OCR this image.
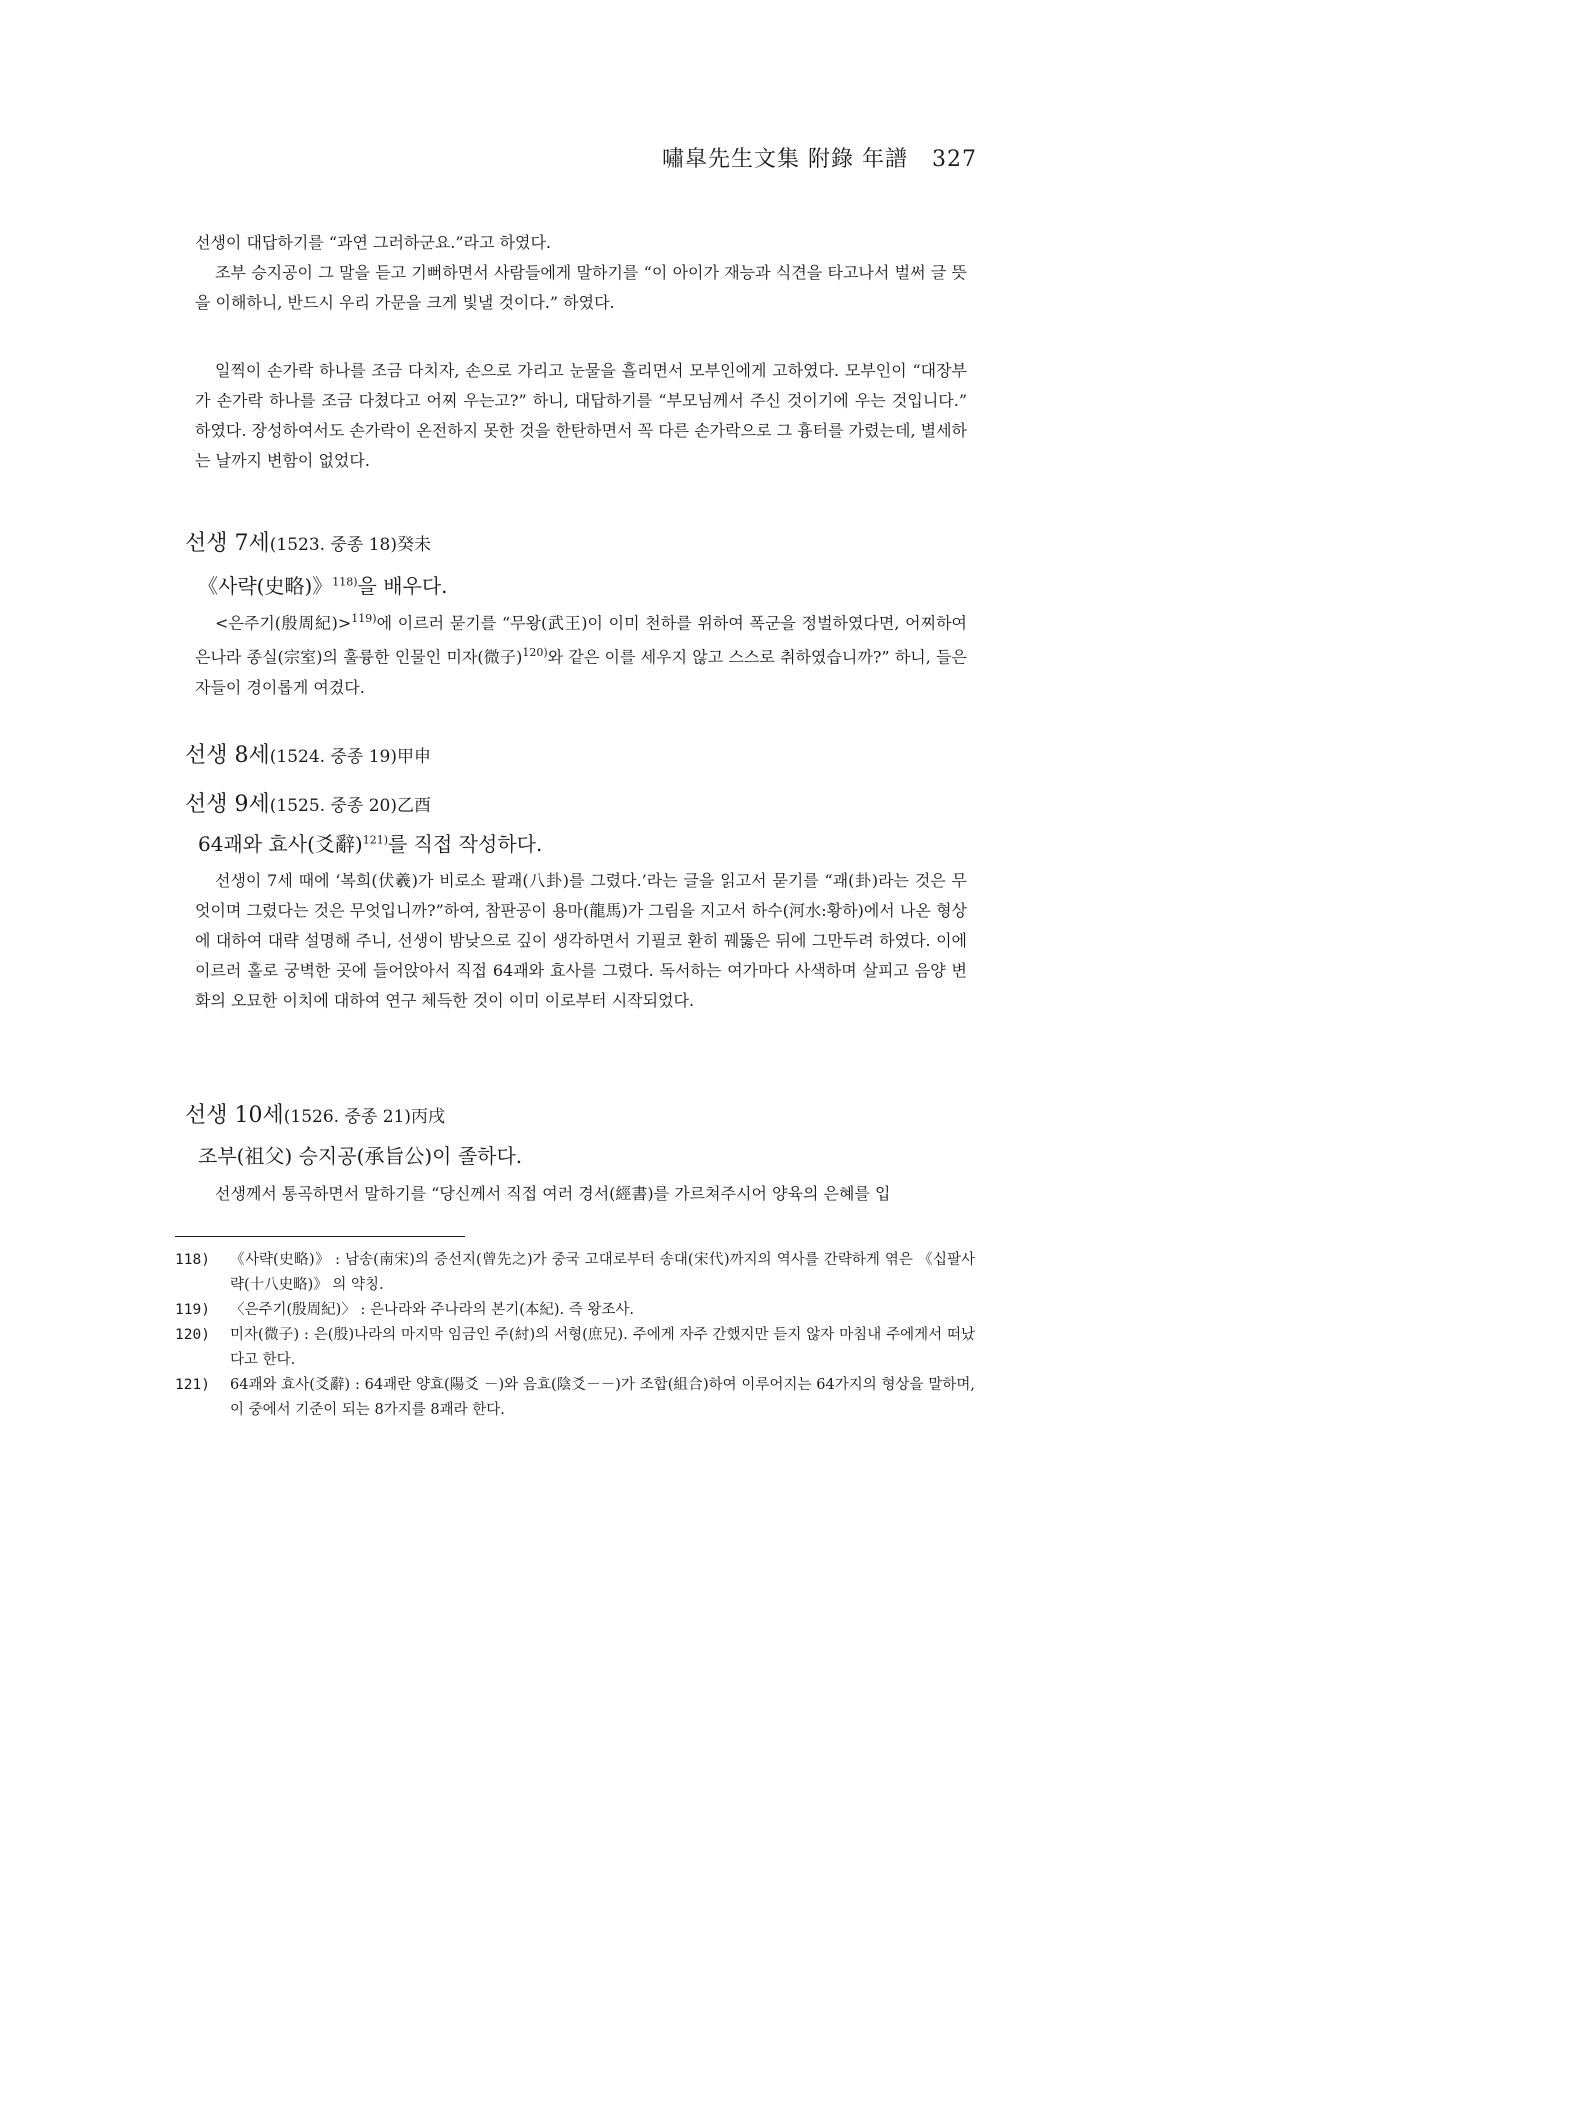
嘯皐先生文集 附錄 年譜 327

선생이 대답하기를 “과연 그러하군요.”라고 하였다.

조부 승지공이 그 말을 듣고 기뻐하면서 사람들에게 말하기를 “이 아이가 재능과 식견을 타고나서 벌써 글 뜻을 이해하니, 반드시 우리 가문을 크게 빛낼 것이다.” 하였다.

일찍이 손가락 하나를 조금 다치자, 손으로 가리고 눈물을 흘리면서 모부인에게 고하였다. 모부인이 “대장부가 손가락 하나를 조금 다쳤다고 어찌 우는고?” 하니, 대답하기를 “부모님께서 주신 것이기에 우는 것입니다.” 하였다. 장성하여서도 손가락이 온전하지 못한 것을 한탄하면서 꼭 다른 손가락으로 그 흉터를 가렸는데, 별세하는 날까지 변함이 없었다.

선생 7세(1523. 중종 18)癸未
《사략(史略)》$^{118)}$을 배우다.

<은주기(殷周紀)>$^{119)}$에 이르러 묻기를 “무왕(武王)이 이미 천하를 위하여 폭군을 정벌하였다면, 어찌하여 은나라 종실(宗室)의 훌륭한 인물인 미자(微子)$^{120)}$와 같은 이를 세우지 않고 스스로 취하였습니까?” 하니, 들은 자들이 경이롭게 여겼다.

선생 8세(1524. 중종 19)甲申
선생 9세(1525. 중종 20)乙酉
64괘와 효사(爻辭)$^{121)}$를 직접 작성하다.

선생이 7세 때에 ‘복희(伏羲)가 비로소 팔괘(八卦)를 그렸다.’라는 글을 읽고서 묻기를 “괘(卦)라는 것은 무엇이며 그렸다는 것은 무엇입니까?”하여, 참판공이 용마(龍馬)가 그림을 지고서 하수(河水:황하)에서 나온 형상에 대하여 대략 설명해 주니, 선생이 밤낮으로 깊이 생각하면서 기필코 환히 꿰뚫은 뒤에 그만두려 하였다. 이에 이르러 홀로 궁벽한 곳에 들어앉아서 직접 64괘와 효사를 그렸다. 독서하는 여가마다 사색하며 살피고 음양 변화의 오묘한 이치에 대하여 연구 체득한 것이 이미 이로부터 시작되었다.

선생 10세(1526. 중종 21)丙戌
조부(祖父) 승지공(承旨公)이 졸하다.

선생께서 통곡하면서 말하기를 “당신께서 직접 여러 경서(經書)를 가르쳐주시어 양육의 은혜를 입

118)	《사략(史略)》 : 남송(南宋)의 증선지(曾先之)가 중국 고대로부터 송대(宋代)까지의 역사를 간략하게 엮은 《십팔사략(十八史略)》 의 약칭.
119)	〈은주기(殷周紀)〉 : 은나라와 주나라의 본기(本紀). 즉 왕조사.
120)	미자(微子) : 은(殷)나라의 마지막 임금인 주(紂)의 서형(庶兄). 주에게 자주 간했지만 듣지 않자 마침내 주에게서 떠났다고 한다.
121)	64괘와 효사(爻辭) : 64괘란 양효(陽爻 －)와 음효(陰爻－－)가 조합(組合)하여 이루어지는 64가지의 형상을 말하며, 이 중에서 기준이 되는 8가지를 8괘라 한다.
